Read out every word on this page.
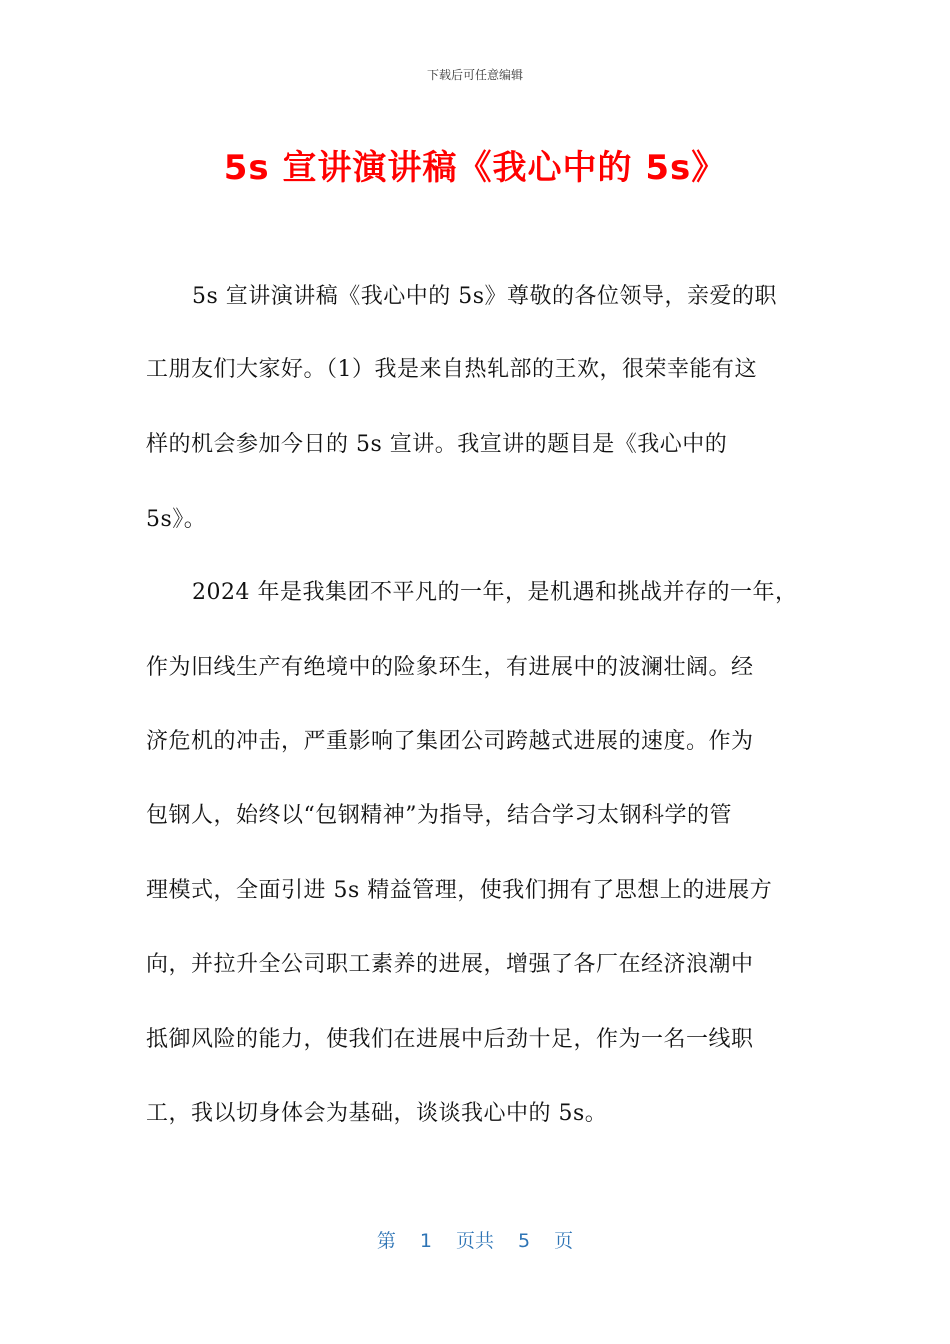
下载后可任意编辑
5s 宣讲演讲稿《我心中的 5s》
5s 宣讲演讲稿《我心中的 5s》尊敬的各位领导，亲爱的职
工朋友们大家好。（1）我是来自热轧部的王欢，很荣幸能有这
样的机会参加今日的 5s 宣讲。我宣讲的题目是《我心中的
5s》。
2024 年是我集团不平凡的一年，是机遇和挑战并存的一年，
作为旧线生产有绝境中的险象环生，有进展中的波澜壮阔。经
济危机的冲击，严重影响了集团公司跨越式进展的速度。作为
包钢人，始终以“包钢精神”为指导，结合学习太钢科学的管
理模式，全面引进 5s 精益管理，使我们拥有了思想上的进展方
向，并拉升全公司职工素养的进展，增强了各厂在经济浪潮中
抵御风险的能力，使我们在进展中后劲十足，作为一名一线职
工，我以切身体会为基础，谈谈我心中的 5s。
第 1 页共 5 页
